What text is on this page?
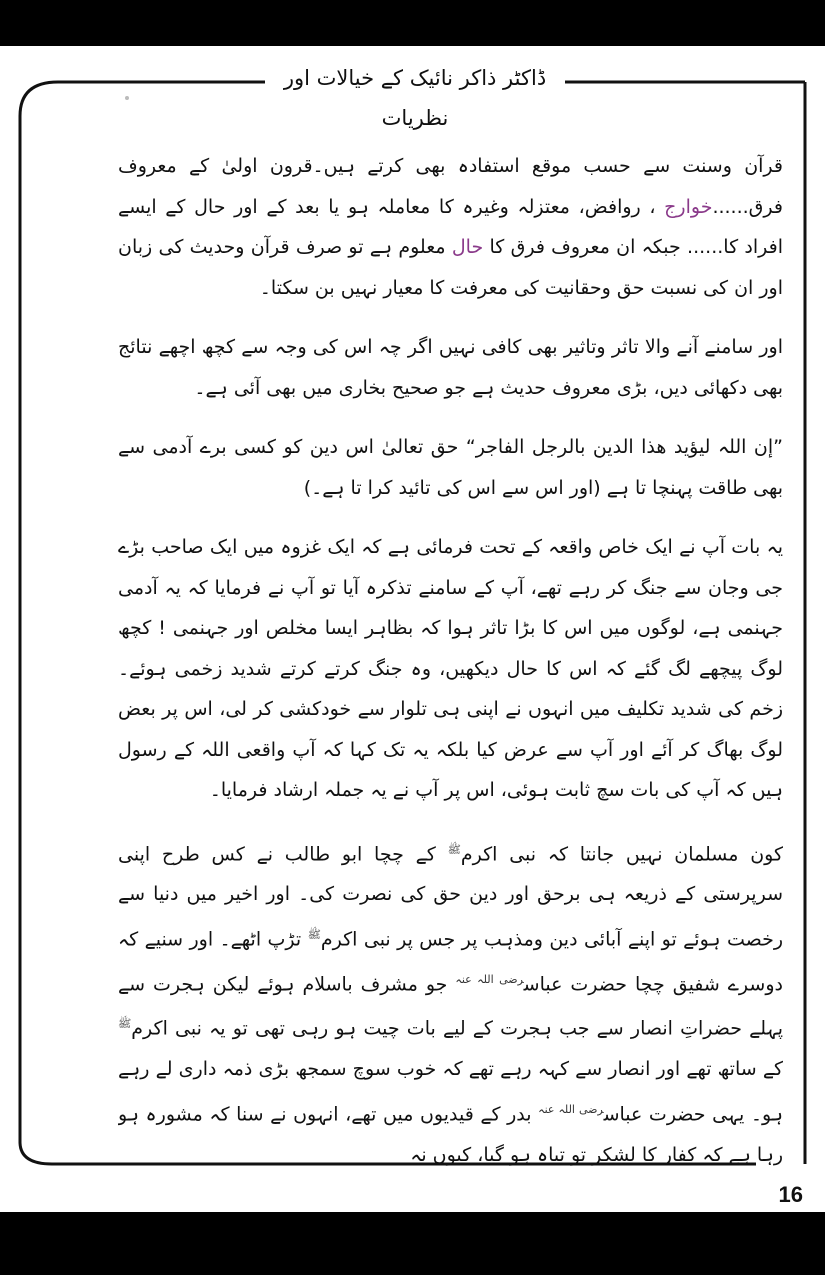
ڈاکٹر ذاکر نائیک کے خیالات اور نظریات

قرآن وسنت سے حسب موقع استفادہ بھی کرتے ہیں۔قرون اولیٰ کے معروف فرق......خوارج ، روافض، معتزلہ وغیرہ کا معاملہ ہو یا بعد کے اور حال کے ایسے افراد کا...... جبکہ ان معروف فرق کا حال معلوم ہے تو صرف قرآن وحدیث کی زبان اور ان کی نسبت حق وحقانیت کی معرفت کا معیار نہیں بن سکتا۔

اور سامنے آنے والا تاثر وتاثیر بھی کافی نہیں اگر چہ اس کی وجہ سے کچھ اچھے نتائج بھی دکھائی دیں، بڑی معروف حدیث ہے جو صحیح بخاری میں بھی آئی ہے۔

”إن اللہ لیؤید ھذا الدین بالرجل الفاجر“ حق تعالیٰ اس دین کو کسی برے آدمی سے بھی طاقت پہنچا تا ہے (اور اس سے اس کی تائید کرا تا ہے۔)

یہ بات آپ نے ایک خاص واقعہ کے تحت فرمائی ہے کہ ایک غزوہ میں ایک صاحب بڑے جی وجان سے جنگ کر رہے تھے، آپ کے سامنے تذکرہ آیا تو آپ نے فرمایا کہ یہ آدمی جہنمی ہے، لوگوں میں اس کا بڑا تاثر ہوا کہ بظاہر ایسا مخلص اور جہنمی ! کچھ لوگ پیچھے لگ گئے کہ اس کا حال دیکھیں، وہ جنگ کرتے کرتے شدید زخمی ہوئے۔ زخم کی شدید تکلیف میں انہوں نے اپنی ہی تلوار سے خودکشی کر لی، اس پر بعض لوگ بھاگ کر آئے اور آپ سے عرض کیا بلکہ یہ تک کہا کہ آپ واقعی اللہ کے رسول ہیں کہ آپ کی بات سچ ثابت ہوئی، اس پر آپ نے یہ جملہ ارشاد فرمایا۔

کون مسلمان نہیں جانتا کہ نبی اکرم$^ﷺ$ کے چچا ابو طالب نے کس طرح اپنی سرپرستی کے ذریعہ ہی برحق اور دین حق کی نصرت کی۔ اور اخیر میں دنیا سے رخصت ہوئے تو اپنے آبائی دین ومذہب پر جس پر نبی اکرم$^ﷺ$ تڑپ اٹھے۔ اور سنیے کہ دوسرے شفیق چچا حضرت عباس$^{رضی اللہ عنہ}$ جو مشرف باسلام ہوئے لیکن ہجرت سے پہلے حضراتِ انصار سے جب ہجرت کے لیے بات چیت ہو رہی تھی تو یہ نبی اکرم$^ﷺ$ کے ساتھ تھے اور انصار سے کہہ رہے تھے کہ خوب سوچ سمجھ بڑی ذمہ داری لے رہے ہو۔ یہی حضرت عباس$^{رضی اللہ عنہ}$ بدر کے قیدیوں میں تھے، انہوں نے سنا کہ مشورہ ہو رہا ہے کہ کفار کا لشکر تو تباہ ہو گیا، کیوں نہ

16
